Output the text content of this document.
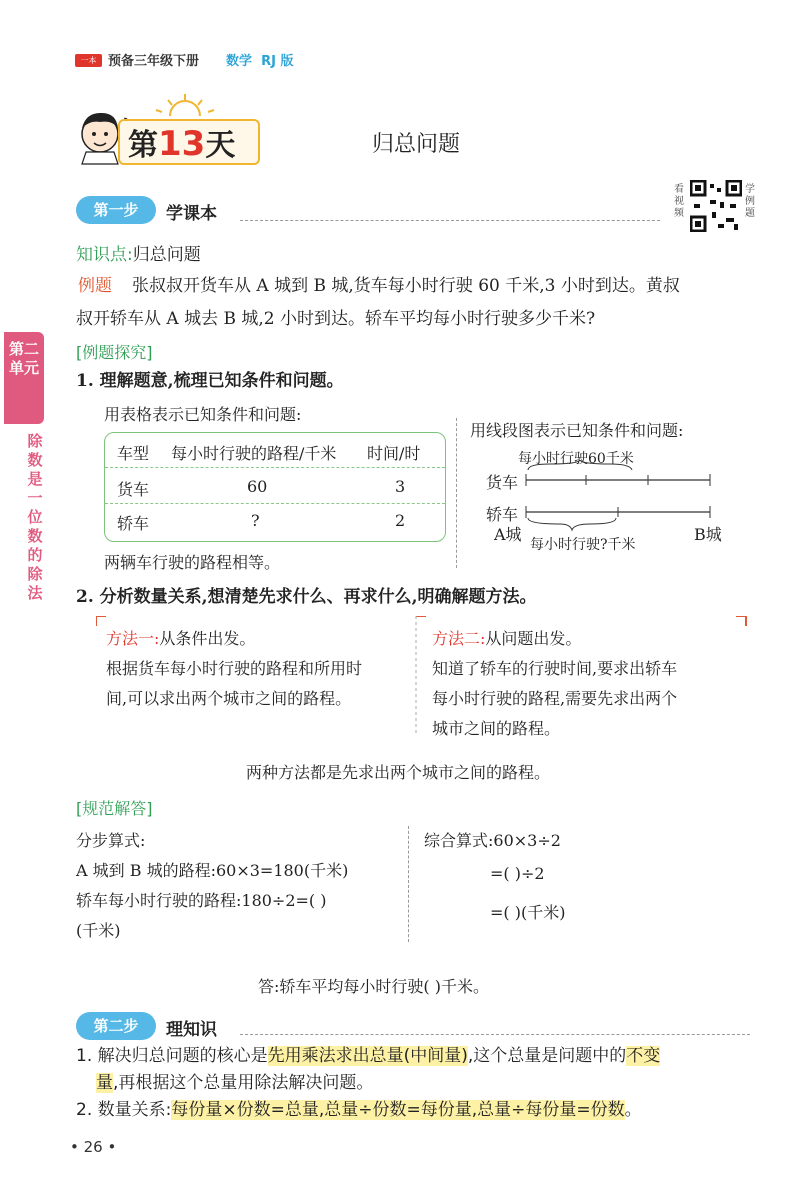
一本 预备三年级下册 数学 RJ 版
第13天	归总问题
看视频
学例题
第二单元
除数是一位数的除法
第一步	学课本
知识点:归总问题
例题 张叔叔开货车从 A 城到 B 城,货车每小时行驶 60 千米,3 小时到达。黄叔
叔开轿车从 A 城去 B 城,2 小时到达。轿车平均每小时行驶多少千米?
[例题探究]
1. 理解题意,梳理已知条件和问题。
用表格表示已知条件和问题:
车型 每小时行驶的路程/千米 时间/时
货车	60	3
轿车	?	2
两辆车行驶的路程相等。
用线段图表示已知条件和问题:
每小时行驶60千米
货车
轿车
A城	B城
每小时行驶?千米
2. 分析数量关系,想清楚先求什么、再求什么,明确解题方法。
方法一:从条件出发。
根据货车每小时行驶的路程和所用时
间,可以求出两个城市之间的路程。
方法二:从问题出发。
知道了轿车的行驶时间,要求出轿车
每小时行驶的路程,需要先求出两个
城市之间的路程。
两种方法都是先求出两个城市之间的路程。
[规范解答]
分步算式:
A 城到 B 城的路程:60×3=180(千米)
轿车每小时行驶的路程:180÷2=( )
(千米)
综合算式:60×3÷2
=( )÷2
=( )(千米)
答:轿车平均每小时行驶( )千米。
第二步	理知识
1. 解决归总问题的核心是先用乘法求出总量(中间量),这个总量是问题中的不变
量,再根据这个总量用除法解决问题。
2. 数量关系:每份量×份数=总量,总量÷份数=每份量,总量÷每份量=份数。
• 26 •
